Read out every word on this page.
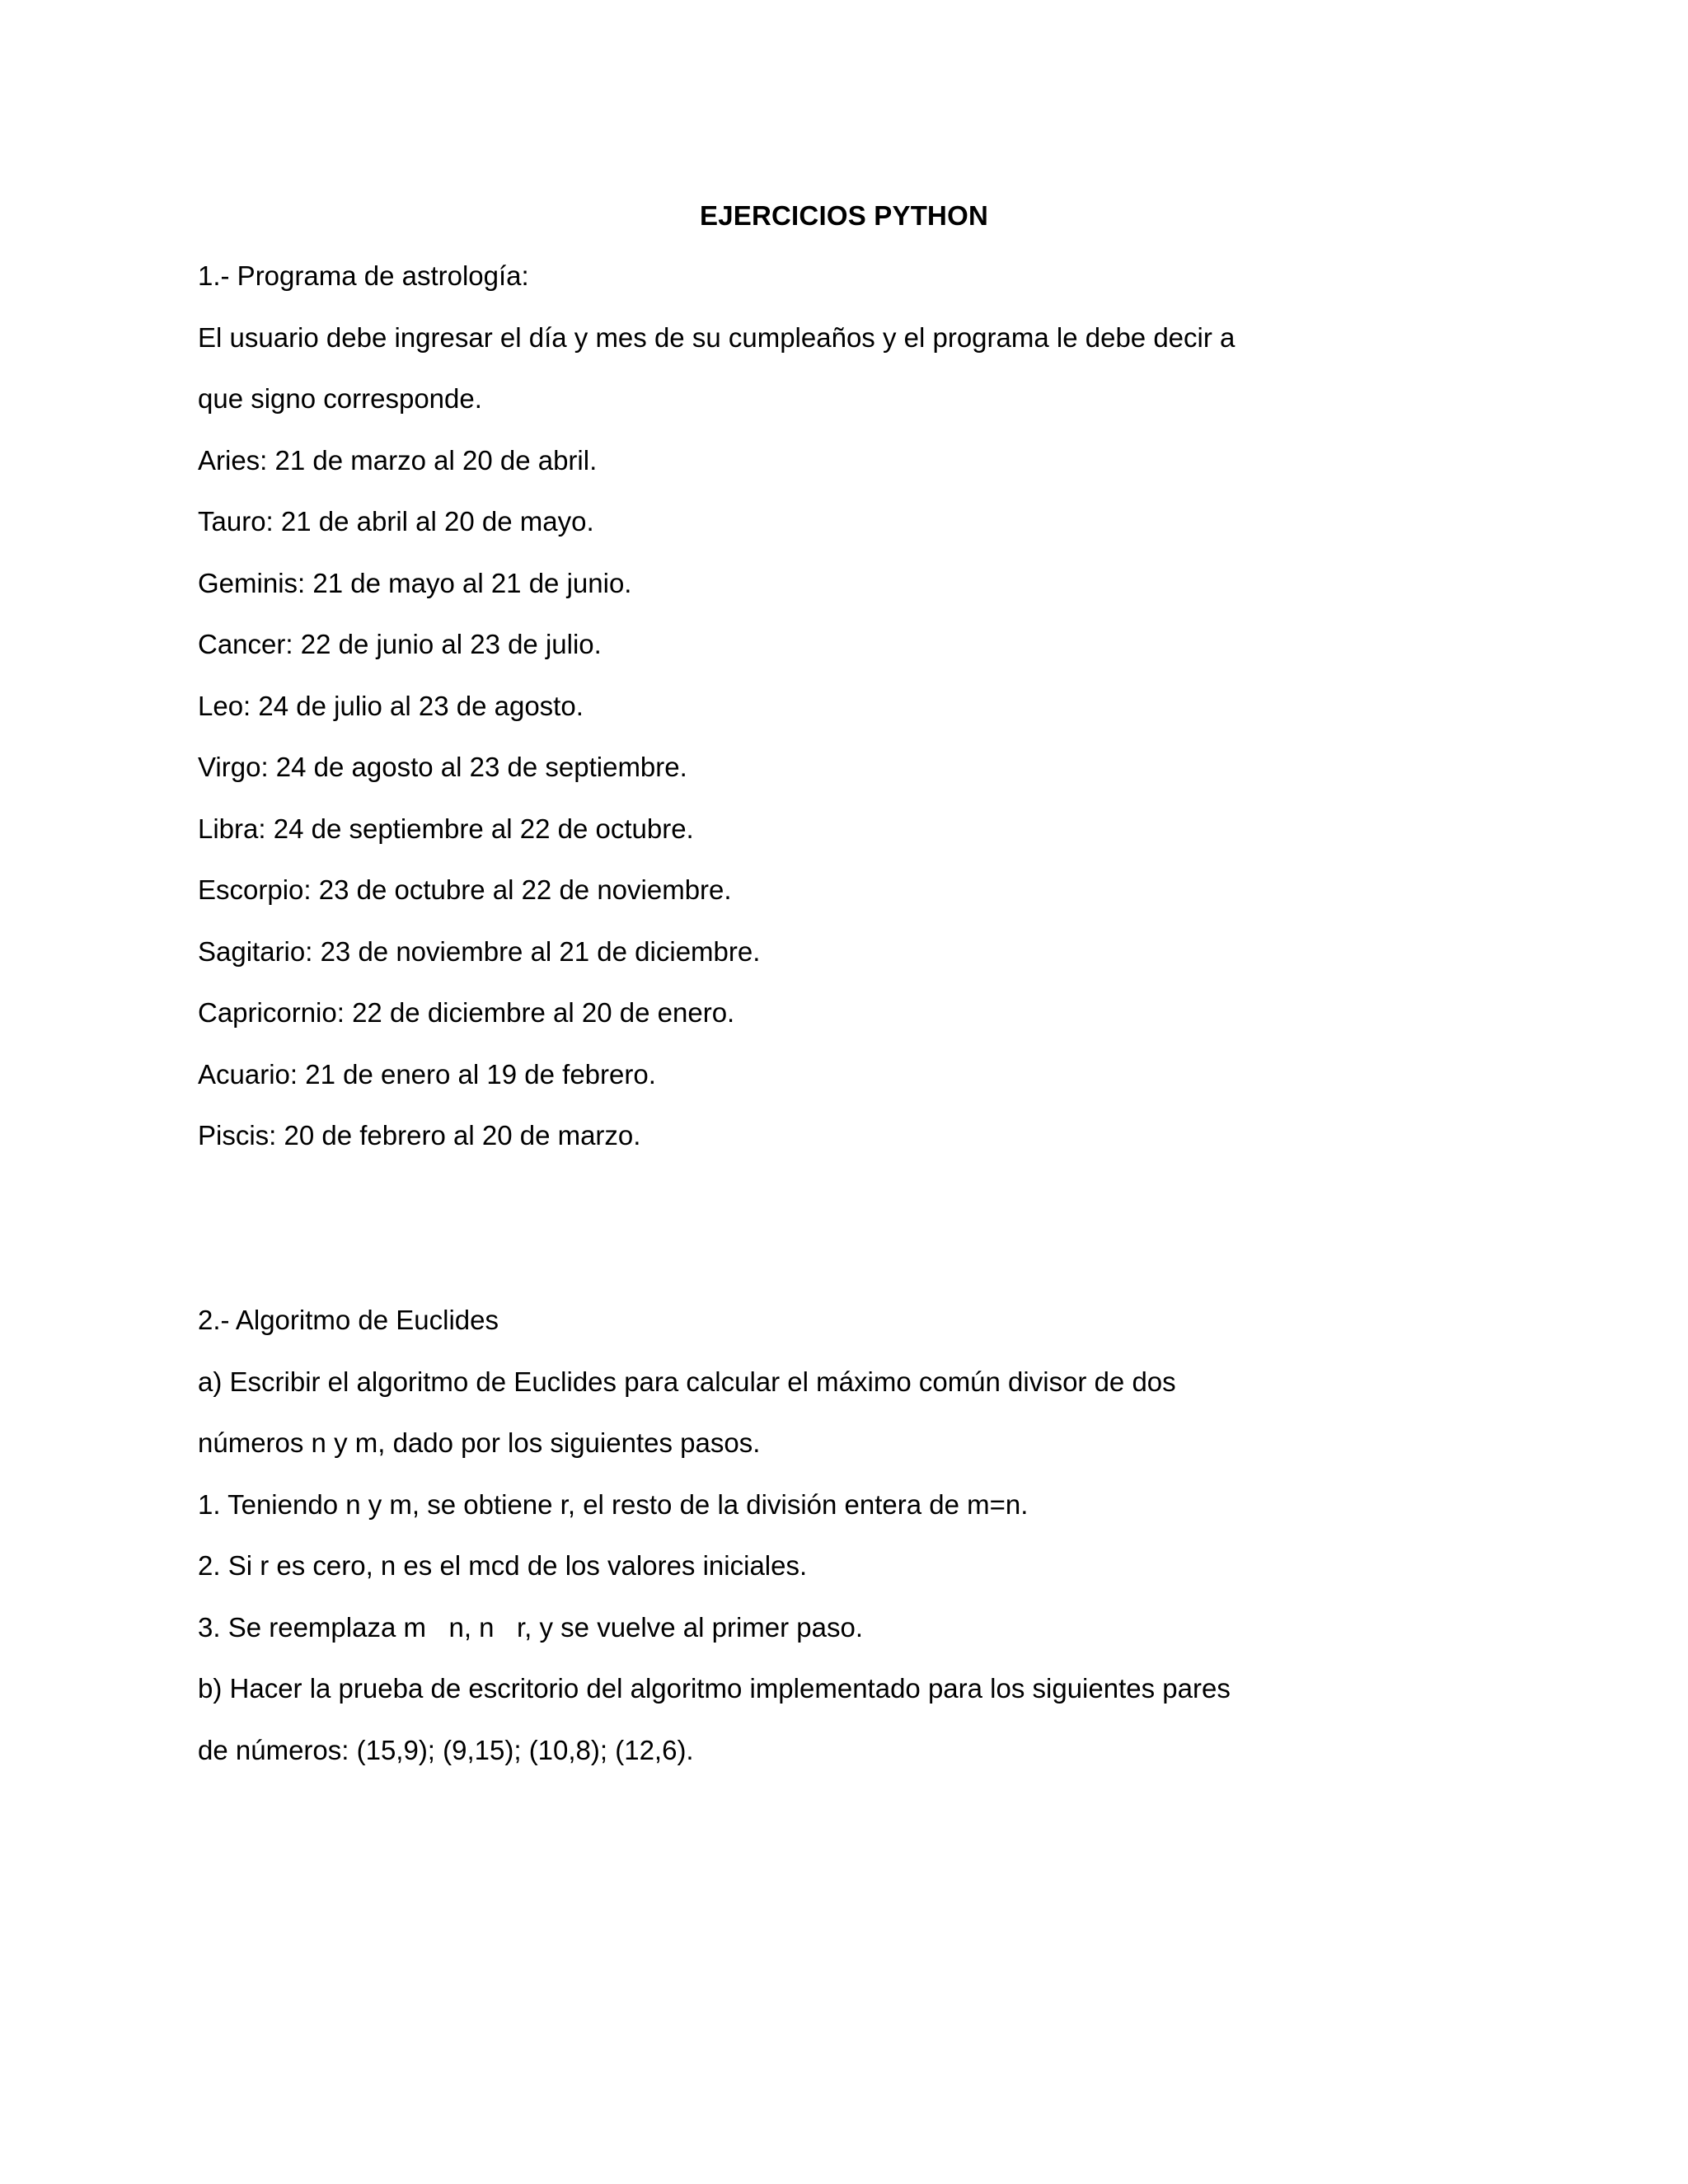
EJERCICIOS PYTHON
1.- Programa de astrología:
El usuario debe ingresar el día y mes de su cumpleaños y el programa le debe decir a
que signo corresponde.
Aries: 21 de marzo al 20 de abril.
Tauro: 21 de abril al 20 de mayo.
Geminis: 21 de mayo al 21 de junio.
Cancer: 22 de junio al 23 de julio.
Leo: 24 de julio al 23 de agosto.
Virgo: 24 de agosto al 23 de septiembre.
Libra: 24 de septiembre al 22 de octubre.
Escorpio: 23 de octubre al 22 de noviembre.
Sagitario: 23 de noviembre al 21 de diciembre.
Capricornio: 22 de diciembre al 20 de enero.
Acuario: 21 de enero al 19 de febrero.
Piscis: 20 de febrero al 20 de marzo.
2.- Algoritmo de Euclides
a) Escribir el algoritmo de Euclides para calcular el máximo común divisor de dos
números n y m, dado por los siguientes pasos.
1. Teniendo n y m, se obtiene r, el resto de la división entera de m=n.
2. Si r es cero, n es el mcd de los valores iniciales.
3. Se reemplaza m   n, n   r, y se vuelve al primer paso.
b) Hacer la prueba de escritorio del algoritmo implementado para los siguientes pares
de números: (15,9); (9,15); (10,8); (12,6).
